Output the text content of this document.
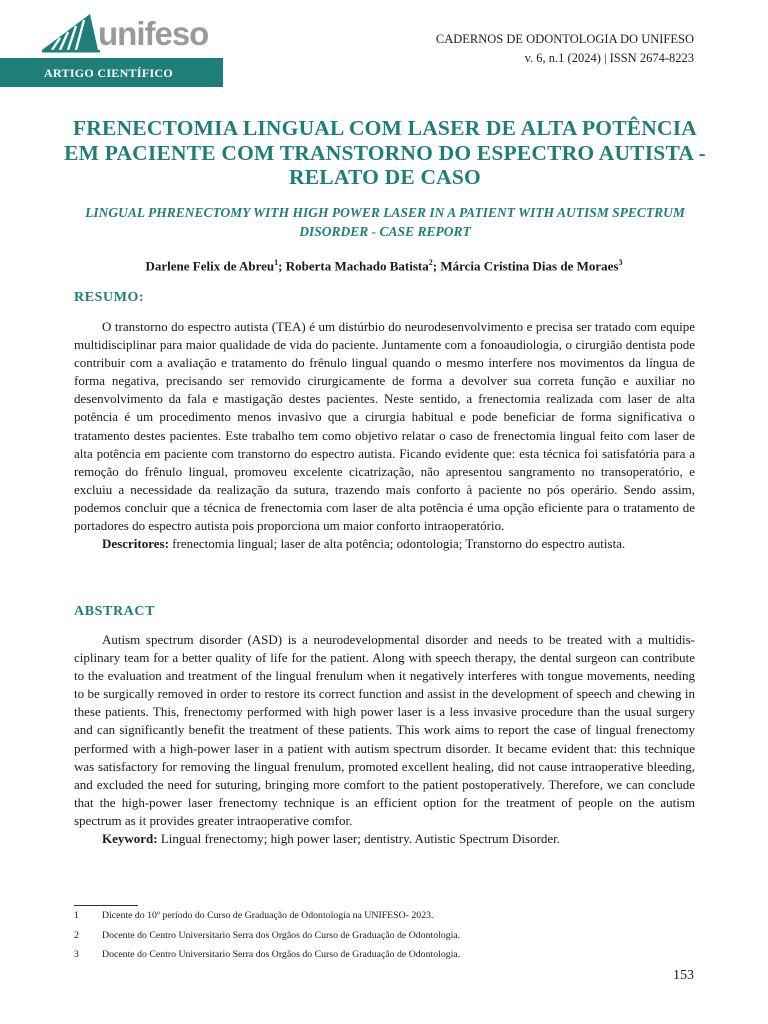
unifeso
ARTIGO CIENTÍFICO
CADERNOS DE ODONTOLOGIA DO UNIFESO
v. 6, n.1 (2024) | ISSN 2674-8223
FRENECTOMIA LINGUAL COM LASER DE ALTA POTÊNCIA EM PACIENTE COM TRANSTORNO DO ESPECTRO AUTISTA - RELATO DE CASO
LINGUAL PHRENECTOMY WITH HIGH POWER LASER IN A PATIENT WITH AUTISM SPECTRUM DISORDER - CASE REPORT
Darlene Felix de Abreu$^1$; Roberta Machado Batista$^2$; Márcia Cristina Dias de Moraes$^3$
RESUMO:

O transtorno do espectro autista (TEA) é um distúrbio do neurodesenvolvimento e precisa ser tratado com equipe multidisciplinar para maior qualidade de vida do paciente. Juntamente com a fonoaudiologia, o cirurgião dentista pode contribuir com a avaliação e tratamento do frênulo lingual quando o mesmo interfere nos movimentos da língua de forma negativa, precisando ser removido cirurgicamente de forma a devolver sua correta função e auxiliar no desenvolvimento da fala e mastigação destes pacientes. Neste sentido, a frenectomia realizada com laser de alta potência é um procedimento menos invasivo que a cirurgia habitual e pode beneficiar de forma significativa o tratamento destes pacientes. Este trabalho tem como objetivo relatar o caso de frenectomia lingual feito com laser de alta potência em paciente com transtorno do espectro autista. Ficando evidente que: esta técnica foi satisfatória para a remoção do frênulo lingual, promoveu excelente cicatrização, não apresentou sangramento no transoperatório, e excluiu a necessidade da realização da sutura, trazendo mais conforto à paciente no pós operário. Sendo assim, podemos concluir que a técnica de frenectomia com laser de alta potência é uma opção eficiente para o tratamento de portadores do espectro autista pois proporciona um maior conforto intraoperatório.

Descritores: frenectomia lingual; laser de alta potência; odontologia; Transtorno do espectro autista.

ABSTRACT

Autism spectrum disorder (ASD) is a neurodevelopmental disorder and needs to be treated with a multidisciplinary team for a better quality of life for the patient. Along with speech therapy, the dental surgeon can contribute to the evaluation and treatment of the lingual frenulum when it negatively interferes with tongue movements, needing to be surgically removed in order to restore its correct function and assist in the development of speech and chewing in these patients. This, frenectomy performed with high power laser is a less invasive procedure than the usual surgery and can significantly benefit the treatment of these patients. This work aims to report the case of lingual frenectomy performed with a high-power laser in a patient with autism spectrum disorder. It became evident that: this technique was satisfactory for removing the lingual frenulum, promoted excellent healing, did not cause intraoperative bleeding, and excluded the need for suturing, bringing more comfort to the patient postoperatively. Therefore, we can conclude that the high-power laser frenectomy technique is an efficient option for the treatment of people on the autism spectrum as it provides greater intraoperative comfor.

Keyword: Lingual frenectomy; high power laser; dentistry. Autistic Spectrum Disorder.

1	Dicente do 10º período do Curso de Graduação de Odontologia na UNIFESO- 2023.
2	Docente do Centro Universitario Serra dos Orgãos do Curso de Graduação de Odontologia.
3	Docente do Centro Universitario Serra dos Orgãos do Curso de Graduação de Odontologia.
153
